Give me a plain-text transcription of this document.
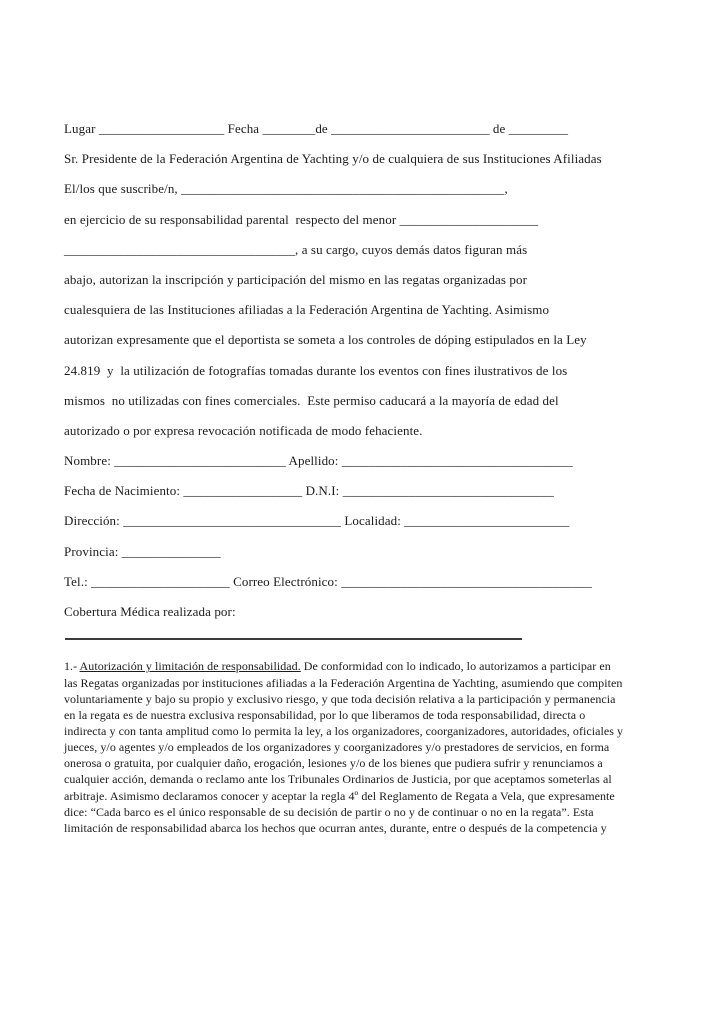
Lugar ___________________ Fecha ________de ________________________ de _________
Sr. Presidente de la Federación Argentina de Yachting y/o de cualquiera de sus Instituciones Afiliadas
El/los que suscribe/n, _________________________________________________,
en ejercicio de su responsabilidad parental  respecto del menor _____________________
___________________________________, a su cargo, cuyos demás datos figuran más
abajo, autorizan la inscripción y participación del mismo en las regatas organizadas por
cualesquiera de las Instituciones afiliadas a la Federación Argentina de Yachting. Asimismo
autorizan expresamente que el deportista se someta a los controles de dóping estipulados en la Ley
24.819  y  la utilización de fotografías tomadas durante los eventos con fines ilustrativos de los
mismos  no utilizadas con fines comerciales.  Este permiso caducará a la mayoría de edad del
autorizado o por expresa revocación notificada de modo fehaciente.
Nombre: __________________________ Apellido: ___________________________________
Fecha de Nacimiento: __________________ D.N.I: ________________________________
Dirección: _________________________________ Localidad: _________________________
Provincia: _______________
Tel.: _____________________ Correo Electrónico: ______________________________________
Cobertura Médica realizada por:
1.- Autorización y limitación de responsabilidad. De conformidad con lo indicado, lo autorizamos a participar en
las Regatas organizadas por instituciones afiliadas a la Federación Argentina de Yachting, asumiendo que compiten
voluntariamente y bajo su propio y exclusivo riesgo, y que toda decisión relativa a la participación y permanencia
en la regata es de nuestra exclusiva responsabilidad, por lo que liberamos de toda responsabilidad, directa o
indirecta y con tanta amplitud como lo permita la ley, a los organizadores, coorganizadores, autoridades, oficiales y
jueces, y/o agentes y/o empleados de los organizadores y coorganizadores y/o prestadores de servicios, en forma
onerosa o gratuita, por cualquier daño, erogación, lesiones y/o de los bienes que pudiera sufrir y renunciamos a
cualquier acción, demanda o reclamo ante los Tribunales Ordinarios de Justicia, por que aceptamos someterlas al
arbitraje. Asimismo declaramos conocer y aceptar la regla 4º del Reglamento de Regata a Vela, que expresamente
dice: “Cada barco es el único responsable de su decisión de partir o no y de continuar o no en la regata”. Esta
limitación de responsabilidad abarca los hechos que ocurran antes, durante, entre o después de la competencia y
